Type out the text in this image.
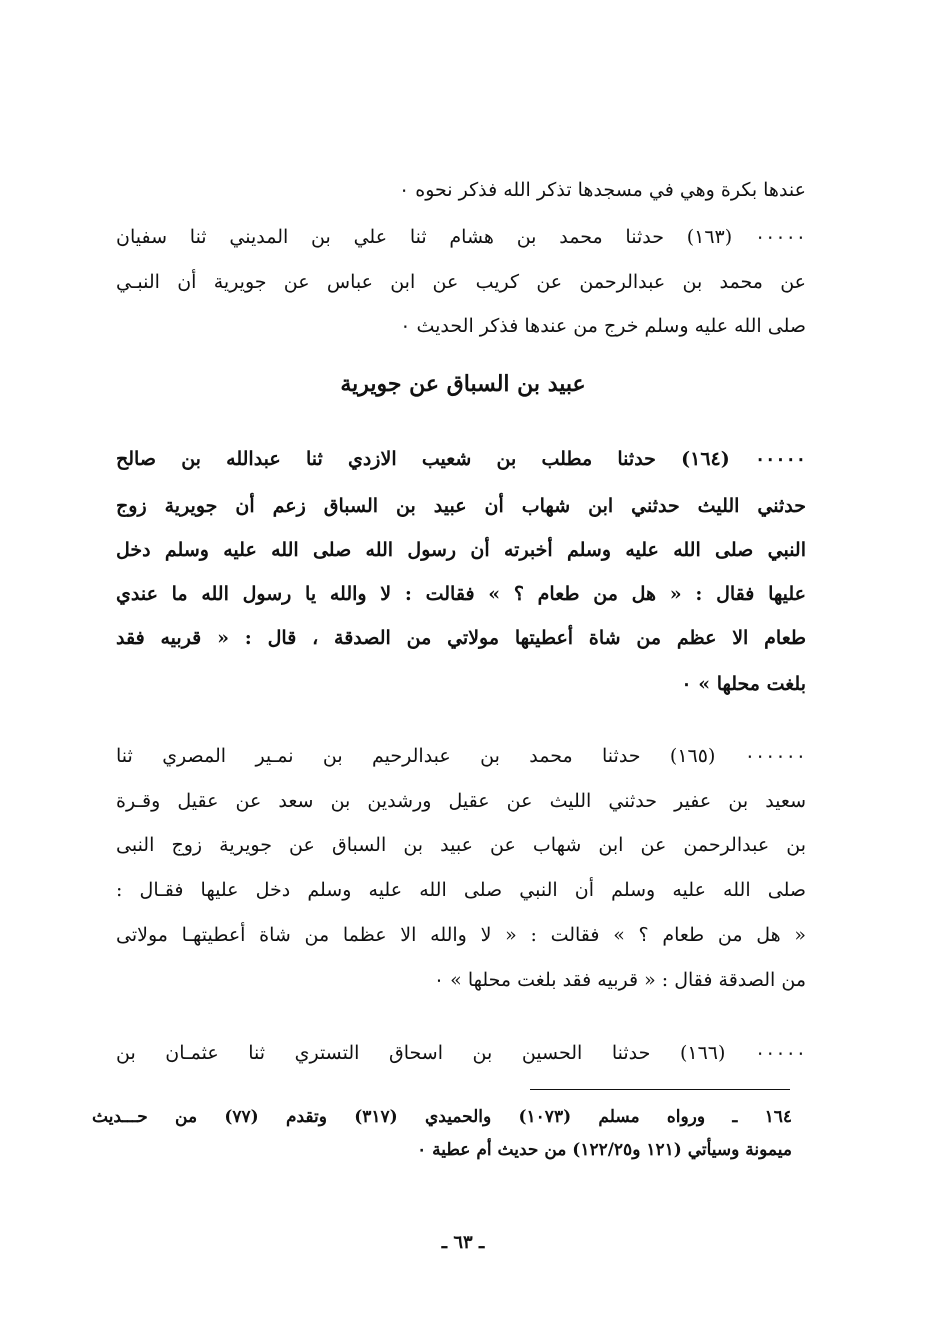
عندها بكرة وهي في مسجدها تذكر الله فذكر نحوه ٠
٠٠٠٠٠ (١٦٣) حدثنا محمد بن هشام ثنا علي بن المديني ثنا سفيان
عن محمد بن عبدالرحمن عن كريب عن ابن عباس عن جويرية أن النبـي
صلى الله عليه وسلم خرج من عندها فذكر الحديث ٠
عبيد بن السباق عن جويرية
٠٠٠٠٠ (١٦٤) حدثنا مطلب بن شعيب الازدي ثنا عبدالله بن صالح
حدثني الليث حدثني ابن شهاب أن عبيد بن السباق زعم أن جويرية زوج
النبي صلى الله عليه وسلم أخبرته أن رسول الله صلى الله عليه وسلم دخل
عليها فقال : « هل من طعام ؟ » فقالت : لا والله يا رسول الله ما عندي
طعام الا عظم من شاة أعطيتها مولاتي من الصدقة ، قال : « قربيه فقد
بلغت محلها » ٠
٠٠٠٠٠٠ (١٦٥) حدثنا محمد بن عبدالرحيم بن نمـير المصري ثنا
سعيد بن عفير حدثني الليث عن عقيل ورشدين بن سعد عن عقيل وقـرة
بن عبدالرحمن عن ابن شهاب عن عبيد بن السباق عن جويرية زوج النبى
صلى الله عليه وسلم أن النبي صلى الله عليه وسلم دخل عليها فقـال :
« هل من طعام ؟ » فقالت : « لا والله الا عظما من شاة أعطيتهـا مولاتى
من الصدقة فقال : « قربيه فقد بلغت محلها » ٠
٠٠٠٠٠ (١٦٦) حدثنا الحسين بن اسحاق التستري ثنا عثمـان بن
١٦٤ ـ ورواه مسلم (١٠٧٣) والحميدي (٣١٧) وتقدم (٧٧) من حـــديث
ميمونة وسيأتي (١٢١ و١٢٢/٢٥) من حديث أم عطية ٠
ـ ٦٣ ـ
